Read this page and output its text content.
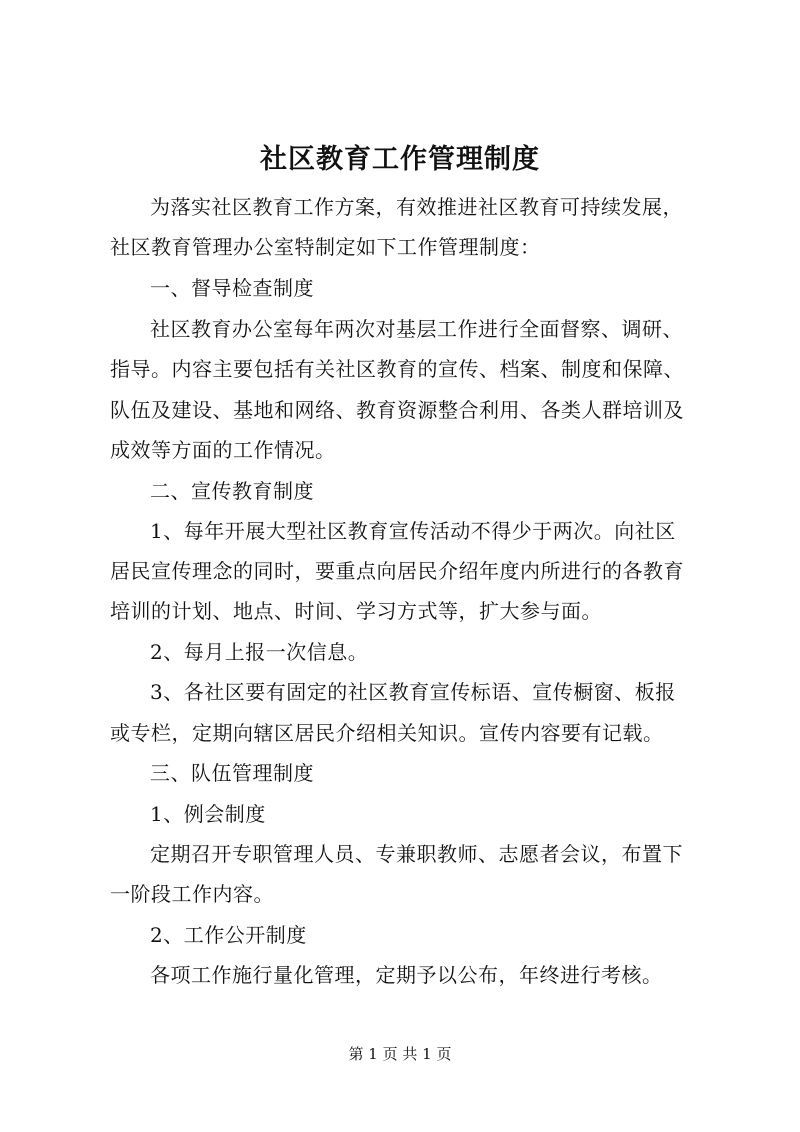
社区教育工作管理制度
为落实社区教育工作方案，有效推进社区教育可持续发展，
社区教育管理办公室特制定如下工作管理制度：
一、督导检查制度
社区教育办公室每年两次对基层工作进行全面督察、调研、
指导。内容主要包括有关社区教育的宣传、档案、制度和保障、
队伍及建设、基地和网络、教育资源整合利用、各类人群培训及
成效等方面的工作情况。
二、宣传教育制度
1、每年开展大型社区教育宣传活动不得少于两次。向社区
居民宣传理念的同时，要重点向居民介绍年度内所进行的各教育
培训的计划、地点、时间、学习方式等，扩大参与面。
2、每月上报一次信息。
3、各社区要有固定的社区教育宣传标语、宣传橱窗、板报
或专栏，定期向辖区居民介绍相关知识。宣传内容要有记载。
三、队伍管理制度
1、例会制度
定期召开专职管理人员、专兼职教师、志愿者会议，布置下
一阶段工作内容。
2、工作公开制度
各项工作施行量化管理，定期予以公布，年终进行考核。
第 1 页 共 1 页
